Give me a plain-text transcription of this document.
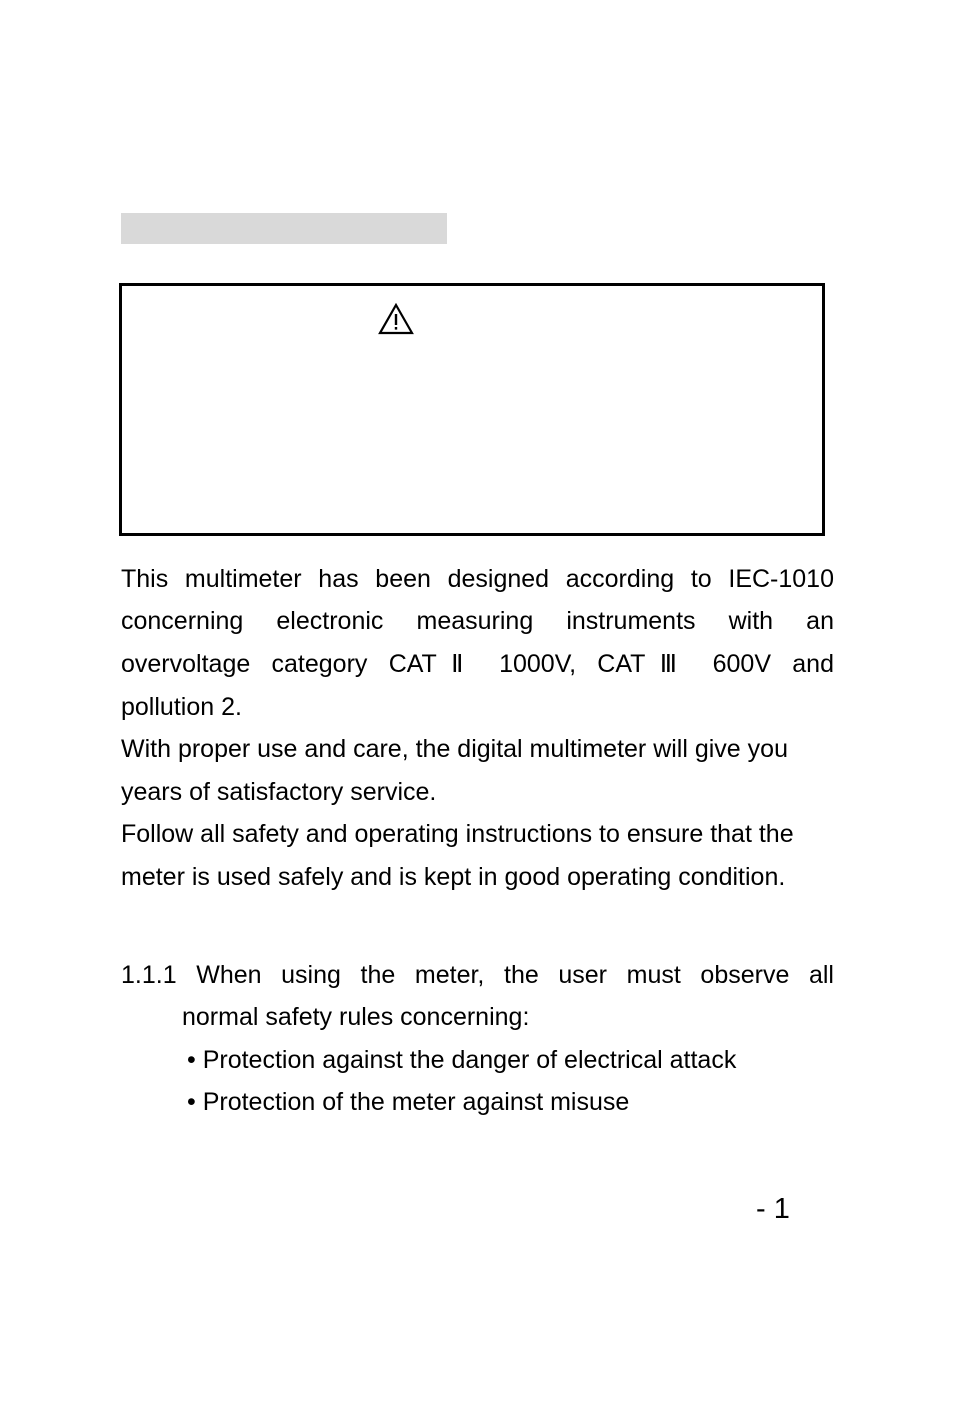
This multimeter has been designed according to IEC-1010
concerning electronic measuring instruments with an
overvoltage category CATⅡ 1000V, CATⅢ 600V and
pollution 2.

With proper use and care, the digital multimeter will give you years of satisfactory service.

Follow all safety and operating instructions to ensure that the meter is used safely and is kept in good operating condition.

1.1.1 When using the meter, the user must observe all
normal safety rules concerning:
• Protection against the danger of electrical attack
• Protection of the meter against misuse
- 1
